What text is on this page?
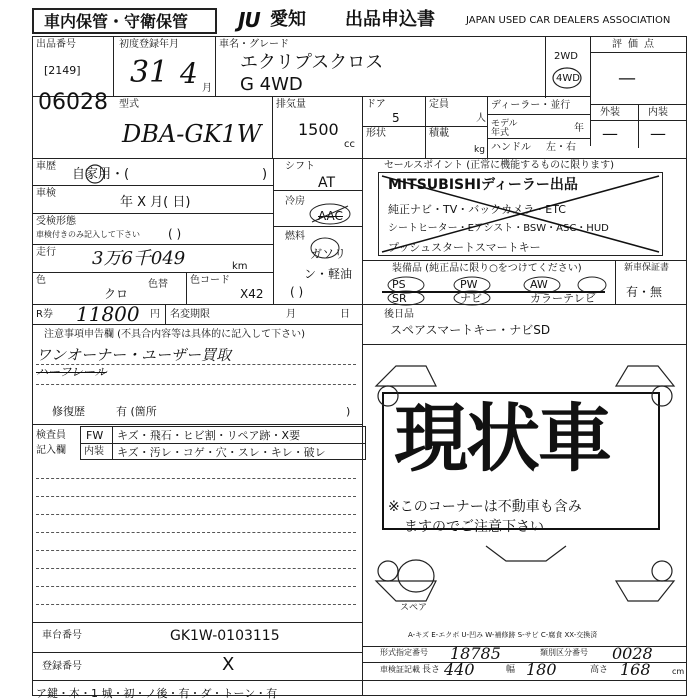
車内保管・守衛保管 JU 愛知 出品申込書	JAPAN USED CAR DEALERS ASSOCIATION
出品番号
[2149]
06028
初度登録年月
31 4 月
車名・グレード
エクリプスクロス
G 4WD
2WD
4WD
評価点
—
外装	内装
— —
型式
DBA-GK1W
排気量
1500
cc
ドア
5
定員
人
形状	積載
kg
ディーラー・並行
モデル年式	年
ハンドル 左・右
車歴
自家用・(	)
車検
年 X 月( 日)
受検形態
車検付きのみ記入して下さい ( )
走行 3万6千049	km
色
クロ
色替 色コード
X42
シフト
AT
冷房
AAC
燃料
ガソリン・軽油
( )
セールスポイント (正常に機能するものに限ります)
MITSUBISHIディーラー出品
純正ナビ・TV・バックカメラ・ETC
シートヒーター・Eアシスト・BSW・ASC・HUD
プッシュスタートスマートキー
装備品 (純正品に限り○をつけてください)	新車保証書
有・無
PS	PW	AW
SR	ナビ	カラーテレビ
R券 11800 円 名変期限	月	日	後日品
スペアスマートキー・ナビSD
注意事項申告欄 (不具合内容等は具体的に記入して下さい)
ワンオーナー・ユーザー買取
ハーフレール
修復歴	有 (箇所	)
検査員
記入欄
FW キズ・飛石・ヒビ割・リペア跡・X要
内装 キズ・汚レ・コゲ・穴・スレ・キレ・破レ 現状車
※このコーナーは不動車も含み
ますのでご注意下さい
スペア
A-キズ E-エクボ U-凹み W-補修跡 S-サビ C-腐食 XX-交換済
車台番号	GK1W-0103115
登録番号	X
形式指定番号 18785	類別区分番号 0028
車検証記載 長さ 440	幅 180	高さ 168	cm
ア鍵・本・1 城・初・ノ後・有・ダ・トーン・有
